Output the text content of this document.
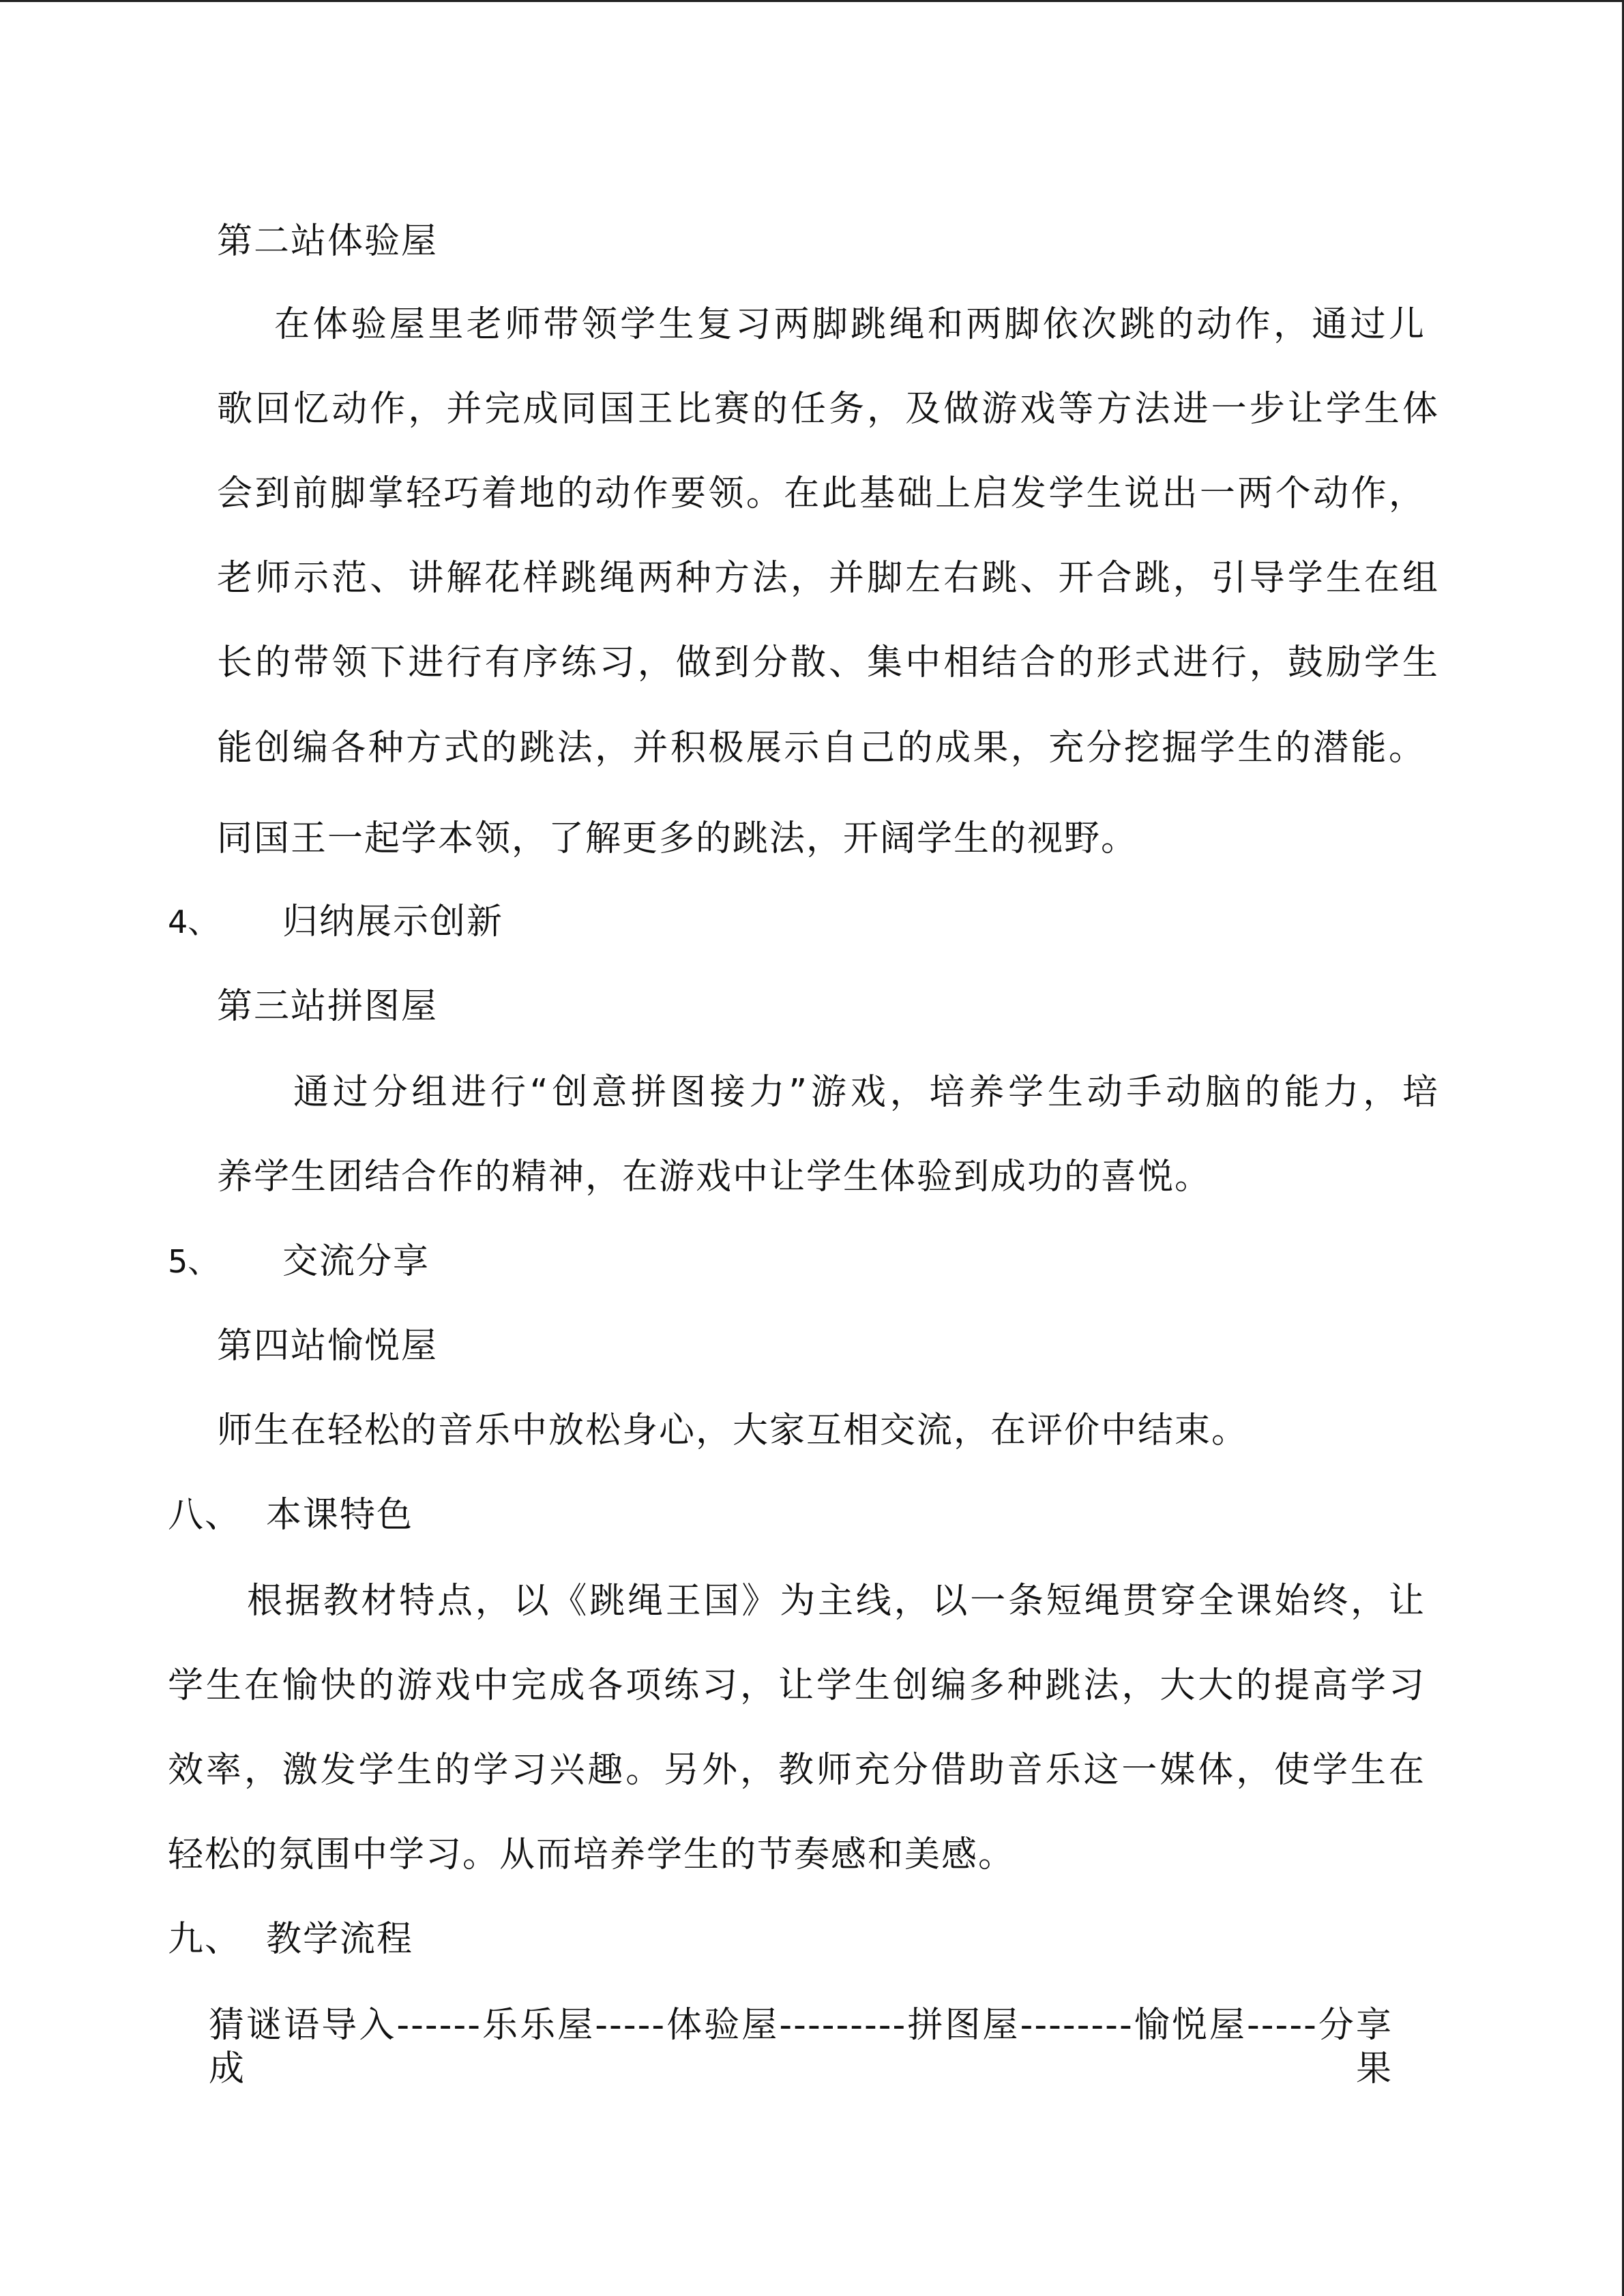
第二站体验屋
在体验屋里老师带领学生复习两脚跳绳和两脚依次跳的动作，通过儿
歌回忆动作，并完成同国王比赛的任务，及做游戏等方法进一步让学生体
会到前脚掌轻巧着地的动作要领。在此基础上启发学生说出一两个动作，
老师示范、讲解花样跳绳两种方法，并脚左右跳、开合跳，引导学生在组
长的带领下进行有序练习，做到分散、集中相结合的形式进行，鼓励学生
能创编各种方式的跳法，并积极展示自己的成果，充分挖掘学生的潜能。
同国王一起学本领，了解更多的跳法，开阔学生的视野。
4、 归纳展示创新
第三站拼图屋
通过分组进行“创意拼图接力”游戏，培养学生动手动脑的能力，培
养学生团结合作的精神，在游戏中让学生体验到成功的喜悦。
5、 交流分享
第四站愉悦屋
师生在轻松的音乐中放松身心，大家互相交流，在评价中结束。
八、 本课特色
根据教材特点，以《跳绳王国》为主线，以一条短绳贯穿全课始终，让
学生在愉快的游戏中完成各项练习，让学生创编多种跳法，大大的提高学习
效率，激发学生的学习兴趣。另外，教师充分借助音乐这一媒体，使学生在
轻松的氛围中学习。从而培养学生的节奏感和美感。
九、 教学流程
猜谜语导入------乐乐屋-----体验屋---------拼图屋--------愉悦屋-----分享成果
